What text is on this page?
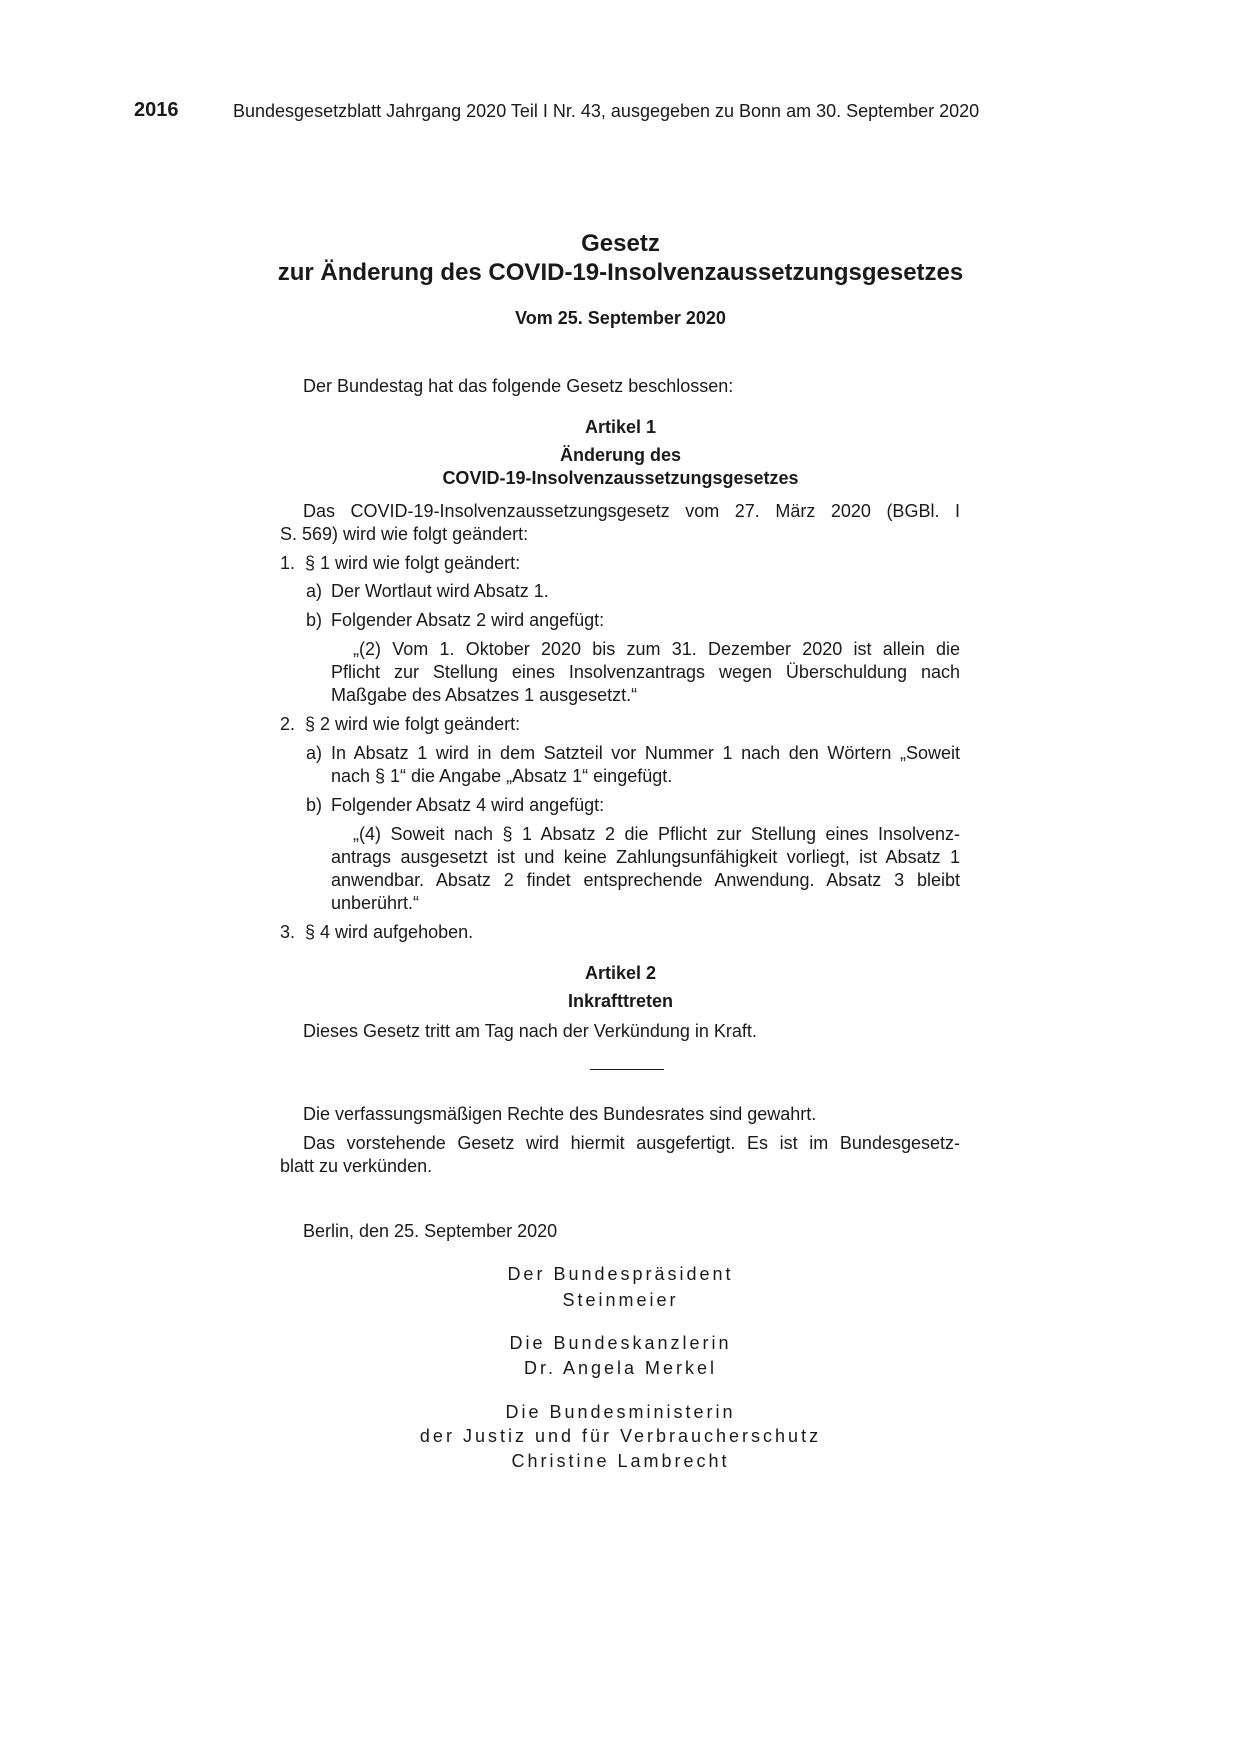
2016	Bundesgesetzblatt Jahrgang 2020 Teil I Nr. 43, ausgegeben zu Bonn am 30. September 2020
Gesetz
zur Änderung des COVID-19-Insolvenzaussetzungsgesetzes
Vom 25. September 2020
Der Bundestag hat das folgende Gesetz beschlossen:
Artikel 1
Änderung des
COVID-19-Insolvenzaussetzungsgesetzes
Das COVID-19-Insolvenzaussetzungsgesetz vom 27. März 2020 (BGBl. I
S. 569) wird wie folgt geändert:
1. § 1 wird wie folgt geändert:
a) Der Wortlaut wird Absatz 1.
b) Folgender Absatz 2 wird angefügt:
„(2) Vom 1. Oktober 2020 bis zum 31. Dezember 2020 ist allein die
Pflicht zur Stellung eines Insolvenzantrags wegen Überschuldung nach
Maßgabe des Absatzes 1 ausgesetzt.“
2. § 2 wird wie folgt geändert:
a) In Absatz 1 wird in dem Satzteil vor Nummer 1 nach den Wörtern „Soweit
nach § 1“ die Angabe „Absatz 1“ eingefügt.
b) Folgender Absatz 4 wird angefügt:
„(4) Soweit nach § 1 Absatz 2 die Pflicht zur Stellung eines Insolvenz-
antrags ausgesetzt ist und keine Zahlungsunfähigkeit vorliegt, ist Absatz 1
anwendbar. Absatz 2 findet entsprechende Anwendung. Absatz 3 bleibt
unberührt.“
3. § 4 wird aufgehoben.
Artikel 2
Inkrafttreten
Dieses Gesetz tritt am Tag nach der Verkündung in Kraft.
Die verfassungsmäßigen Rechte des Bundesrates sind gewahrt.
Das vorstehende Gesetz wird hiermit ausgefertigt. Es ist im Bundesgesetz-
blatt zu verkünden.
Berlin, den 25. September 2020
Der Bundespräsident
Steinmeier
Die Bundeskanzlerin
Dr. Angela Merkel
Die Bundesministerin
der Justiz und für Verbraucherschutz
Christine Lambrecht
